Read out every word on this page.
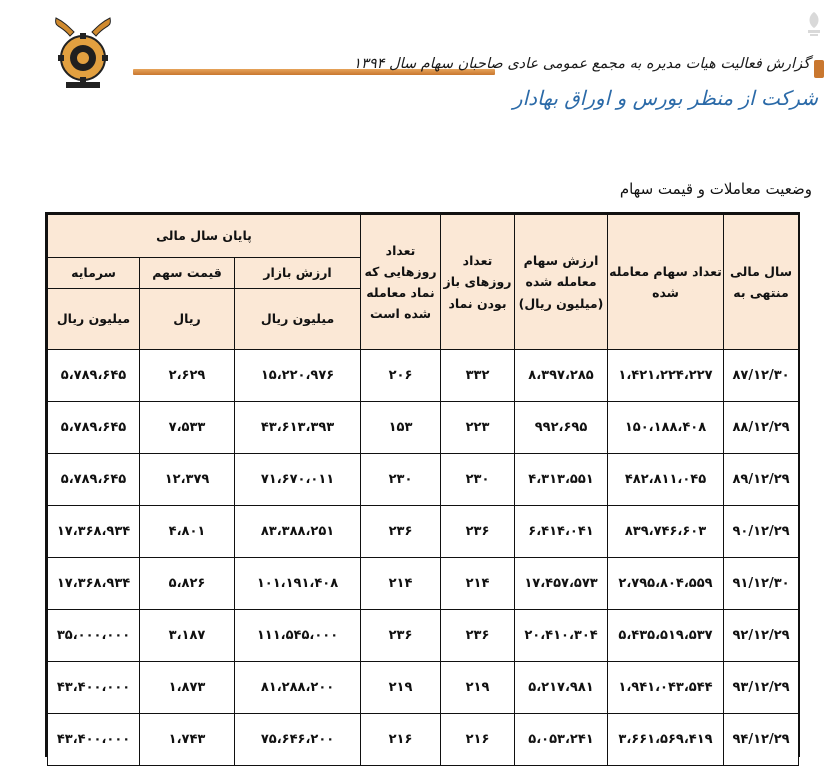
گزارش فعالیت هیات مدیره به مجمع عمومی عادی صاحبان سهام سال ۱۳۹۴
شرکت از منظر بورس و اوراق بهادار
وضعیت معاملات و قیمت سهام
سال مالی منتهی به	تعداد سهام معامله شده	ارزش سهام معامله شده (میلیون ریال)	تعداد روزهای باز بودن نماد	تعداد روزهایی که نماد معامله شده است	پایان سال مالی		
					ارزش بازار	قیمت سهم	سرمایه
					میلیون ریال	ریال	میلیون ریال
۸۷/۱۲/۳۰	۱،۴۲۱،۲۲۴،۲۲۷	۸،۳۹۷،۲۸۵	۳۳۲	۲۰۶	۱۵،۲۲۰،۹۷۶	۲،۶۲۹	۵،۷۸۹،۶۴۵
۸۸/۱۲/۲۹	۱۵۰،۱۸۸،۴۰۸	۹۹۲،۶۹۵	۲۲۳	۱۵۳	۴۳،۶۱۳،۳۹۳	۷،۵۳۳	۵،۷۸۹،۶۴۵
۸۹/۱۲/۲۹	۴۸۲،۸۱۱،۰۴۵	۴،۳۱۳،۵۵۱	۲۳۰	۲۳۰	۷۱،۶۷۰،۰۱۱	۱۲،۳۷۹	۵،۷۸۹،۶۴۵
۹۰/۱۲/۲۹	۸۳۹،۷۴۶،۶۰۳	۶،۴۱۴،۰۴۱	۲۳۶	۲۳۶	۸۳،۳۸۸،۲۵۱	۴،۸۰۱	۱۷،۳۶۸،۹۳۴
۹۱/۱۲/۳۰	۲،۷۹۵،۸۰۴،۵۵۹	۱۷،۴۵۷،۵۷۳	۲۱۴	۲۱۴	۱۰۱،۱۹۱،۴۰۸	۵،۸۲۶	۱۷،۳۶۸،۹۳۴
۹۲/۱۲/۲۹	۵،۴۳۵،۵۱۹،۵۳۷	۲۰،۴۱۰،۳۰۴	۲۳۶	۲۳۶	۱۱۱،۵۴۵،۰۰۰	۳،۱۸۷	۳۵،۰۰۰،۰۰۰
۹۳/۱۲/۲۹	۱،۹۴۱،۰۴۳،۵۴۴	۵،۲۱۷،۹۸۱	۲۱۹	۲۱۹	۸۱،۲۸۸،۲۰۰	۱،۸۷۳	۴۳،۴۰۰،۰۰۰
۹۴/۱۲/۲۹	۳،۶۶۱،۵۶۹،۴۱۹	۵،۰۵۳،۲۴۱	۲۱۶	۲۱۶	۷۵،۶۴۶،۲۰۰	۱،۷۴۳	۴۳،۴۰۰،۰۰۰
